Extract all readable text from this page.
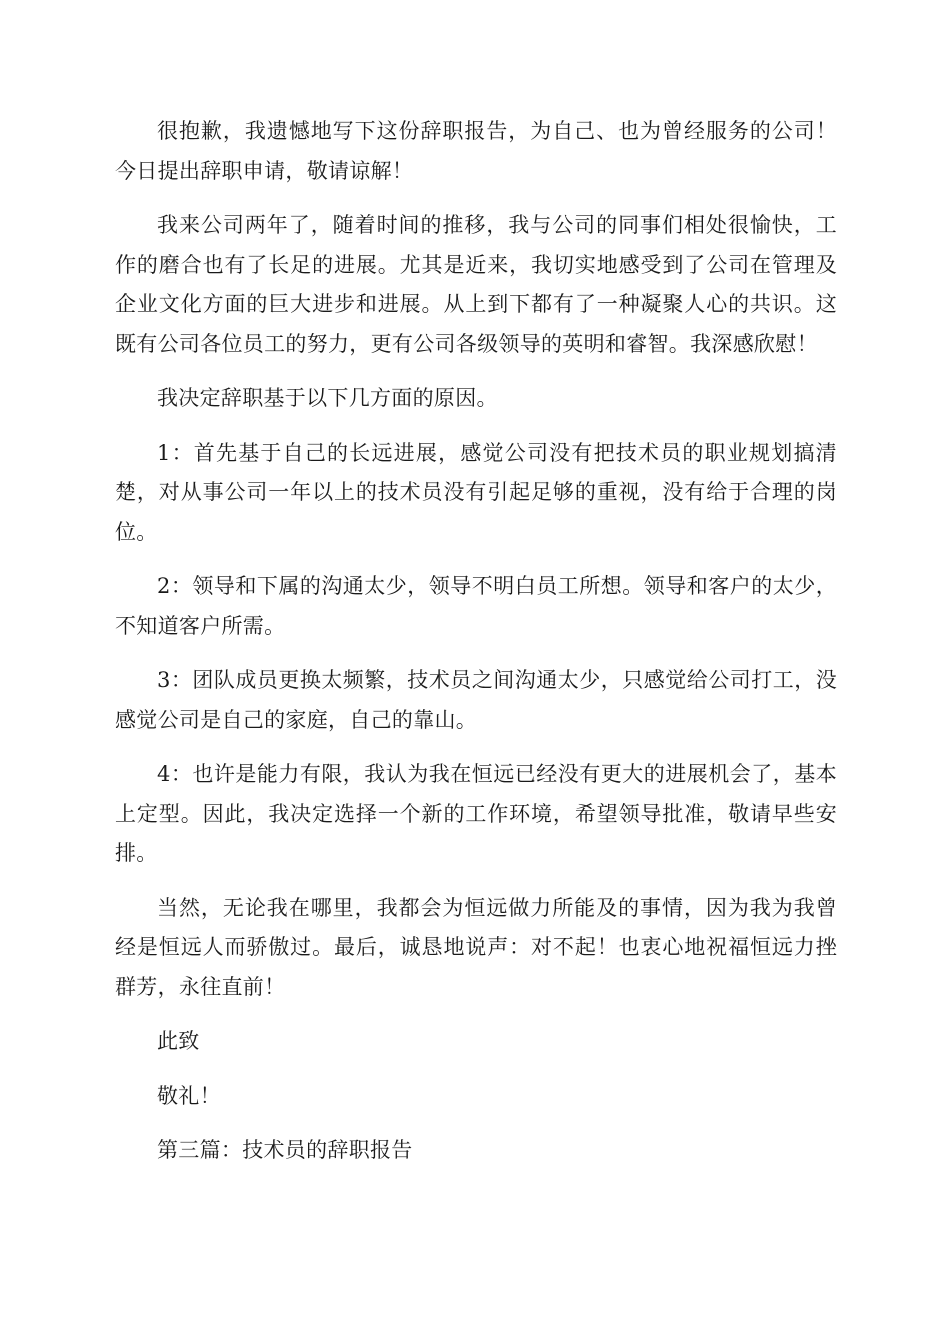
很抱歉，我遗憾地写下这份辞职报告，为自己、也为曾经服务的公司！今日提出辞职申请，敬请谅解！

我来公司两年了，随着时间的推移，我与公司的同事们相处很愉快，工作的磨合也有了长足的进展。尤其是近来，我切实地感受到了公司在管理及企业文化方面的巨大进步和进展。从上到下都有了一种凝聚人心的共识。这既有公司各位员工的努力，更有公司各级领导的英明和睿智。我深感欣慰！

我决定辞职基于以下几方面的原因。

1：首先基于自己的长远进展，感觉公司没有把技术员的职业规划搞清楚，对从事公司一年以上的技术员没有引起足够的重视，没有给于合理的岗位。

2：领导和下属的沟通太少，领导不明白员工所想。领导和客户的太少，不知道客户所需。

3：团队成员更换太频繁，技术员之间沟通太少，只感觉给公司打工，没感觉公司是自己的家庭，自己的靠山。

4：也许是能力有限，我认为我在恒远已经没有更大的进展机会了，基本上定型。因此，我决定选择一个新的工作环境，希望领导批准，敬请早些安排。

当然，无论我在哪里，我都会为恒远做力所能及的事情，因为我为我曾经是恒远人而骄傲过。最后，诚恳地说声：对不起！也衷心地祝福恒远力挫群芳，永往直前！

此致

敬礼！

第三篇：技术员的辞职报告
